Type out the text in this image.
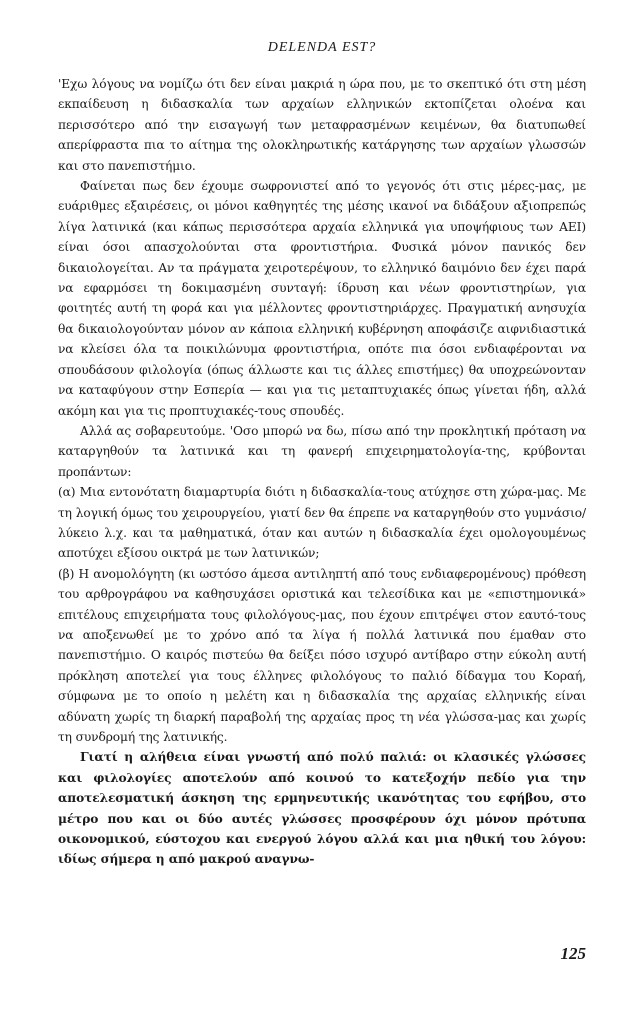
DELENDA EST?

'Εχω λόγους να νομίζω ότι δεν είναι μακριά η ώρα που, με το σκεπτικό ότι στη μέση εκπαίδευση η διδασκαλία των αρχαίων ελληνικών εκτοπίζεται ολοένα και περισσότερο από την εισαγωγή των μεταφρασμένων κειμένων, θα διατυπωθεί απερίφραστα πια το αίτημα της ολοκληρωτικής κατάργησης των αρχαίων γλωσσών και στο πανεπιστήμιο.

Φαίνεται πως δεν έχουμε σωφρονιστεί από το γεγονός ότι στις μέρες-μας, με ευάριθμες εξαιρέσεις, οι μόνοι καθηγητές της μέσης ικανοί να διδάξουν αξιοπρεπώς λίγα λατινικά (και κάπως περισσότερα αρχαία ελληνικά για υποψήφιους των ΑΕΙ) είναι όσοι απασχολούνται στα φροντιστήρια. Φυσικά μόνον πανικός δεν δικαιολογείται. Αν τα πράγματα χειροτερέψουν, το ελληνικό δαιμόνιο δεν έχει παρά να εφαρμόσει τη δοκιμασμένη συνταγή: ίδρυση και νέων φροντιστηρίων, για φοιτητές αυτή τη φορά και για μέλλοντες φροντιστηριάρχες. Πραγματική ανησυχία θα δικαιολογούνταν μόνον αν κάποια ελληνική κυβέρνηση αποφάσιζε αιφνιδιαστικά να κλείσει όλα τα ποικιλώνυμα φροντιστήρια, οπότε πια όσοι ενδιαφέρονται να σπουδάσουν φιλολογία (όπως άλλωστε και τις άλλες επιστήμες) θα υποχρεώνονταν να καταφύγουν στην Εσπερία — και για τις μεταπτυχιακές όπως γίνεται ήδη, αλλά ακόμη και για τις προπτυχιακές-τους σπουδές.

Αλλά ας σοβαρευτούμε. 'Οσο μπορώ να δω, πίσω από την προκλητική πρόταση να καταργηθούν τα λατινικά και τη φανερή επιχειρηματολογία-της, κρύβονται προπάντων:

(α) Μια εντονότατη διαμαρτυρία διότι η διδασκαλία-τους ατύχησε στη χώρα-μας. Με τη λογική όμως του χειρουργείου, γιατί δεν θα έπρεπε να καταργηθούν στο γυμνάσιο/λύκειο λ.χ. και τα μαθηματικά, όταν και αυτών η διδασκαλία έχει ομολογουμένως αποτύχει εξίσου οικτρά με των λατινικών;

(β) Η ανομολόγητη (κι ωστόσο άμεσα αντιληπτή από τους ενδιαφερομένους) πρόθεση του αρθρογράφου να καθησυχάσει οριστικά και τελεσίδικα και με «επιστημονικά» επιτέλους επιχειρήματα τους φιλολόγους-μας, που έχουν επιτρέψει στον εαυτό-τους να αποξενωθεί με το χρόνο από τα λίγα ή πολλά λατινικά που έμαθαν στο πανεπιστήμιο. Ο καιρός πιστεύω θα δείξει πόσο ισχυρό αντίβαρο στην εύκολη αυτή πρόκληση αποτελεί για τους έλληνες φιλολόγους το παλιό δίδαγμα του Κοραή, σύμφωνα με το οποίο η μελέτη και η διδασκαλία της αρχαίας ελληνικής είναι αδύνατη χωρίς τη διαρκή παραβολή της αρχαίας προς τη νέα γλώσσα-μας και χωρίς τη συνδρομή της λατινικής.

Γιατί η αλήθεια είναι γνωστή από πολύ παλιά: οι κλασικές γλώσσες και φιλολογίες αποτελούν από κοινού το κατεξοχήν πεδίο για την αποτελεσματική άσκηση της ερμηνευτικής ικανότητας του εφήβου, στο μέτρο που και οι δύο αυτές γλώσσες προσφέρουν όχι μόνον πρότυπα οικονομικού, εύστοχου και ενεργού λόγου αλλά και μια ηθική του λόγου: ιδίως σήμερα η από μακρού αναγνω-

125
